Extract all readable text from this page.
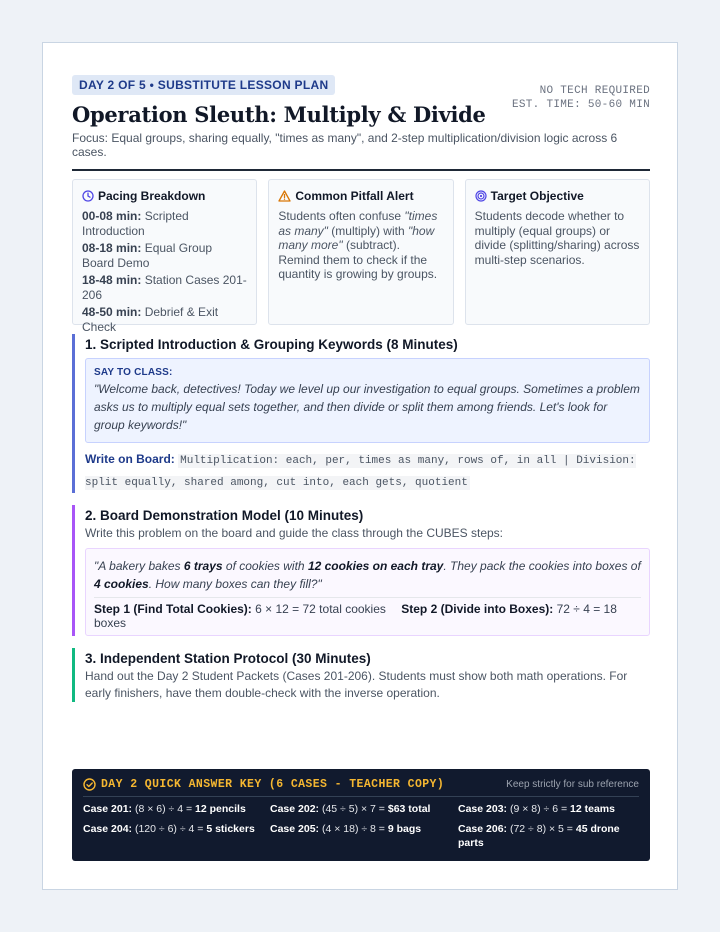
DAY 2 OF 5 • SUBSTITUTE LESSON PLAN	NO TECH REQUIRED
EST. TIME: 50-60 MIN
Operation Sleuth: Multiply & Divide
Focus: Equal groups, sharing equally, "times as many", and 2-step multiplication/division logic across 6 cases.
Pacing Breakdown
00-08 min: Scripted Introduction
08-18 min: Equal Group Board Demo
18-48 min: Station Cases 201-206
48-50 min: Debrief & Exit Check
Common Pitfall Alert
Students often confuse "times as many" (multiply) with "how many more" (subtract). Remind them to check if the quantity is growing by groups.
Target Objective
Students decode whether to multiply (equal groups) or divide (splitting/sharing) across multi-step scenarios.
1. Scripted Introduction & Grouping Keywords (8 Minutes)
SAY TO CLASS:
"Welcome back, detectives! Today we level up our investigation to equal groups. Sometimes a problem asks us to multiply equal sets together, and then divide or split them among friends. Let's look for group keywords!"
Write on Board: Multiplication: each, per, times as many, rows of, in all | Division: split equally, shared among, cut into, each gets, quotient
2. Board Demonstration Model (10 Minutes)
Write this problem on the board and guide the class through the CUBES steps:
"A bakery bakes 6 trays of cookies with 12 cookies on each tray. They pack the cookies into boxes of 4 cookies. How many boxes can they fill?"
Step 1 (Find Total Cookies): 6 × 12 = 72 total cookies Step 2 (Divide into Boxes): 72 ÷ 4 = 18 boxes
3. Independent Station Protocol (30 Minutes)
Hand out the Day 2 Student Packets (Cases 201-206). Students must show both math operations. For early finishers, have them double-check with the inverse operation.
DAY 2 QUICK ANSWER KEY (6 CASES - TEACHER COPY)	Keep strictly for sub reference
Case 201: (8 × 6) ÷ 4 = 12 pencils	Case 202: (45 ÷ 5) × 7 = $63 total	Case 203: (9 × 8) ÷ 6 = 12 teams
Case 204: (120 ÷ 6) ÷ 4 = 5 stickers	Case 205: (4 × 18) ÷ 8 = 9 bags	Case 206: (72 ÷ 8) × 5 = 45 drone parts
